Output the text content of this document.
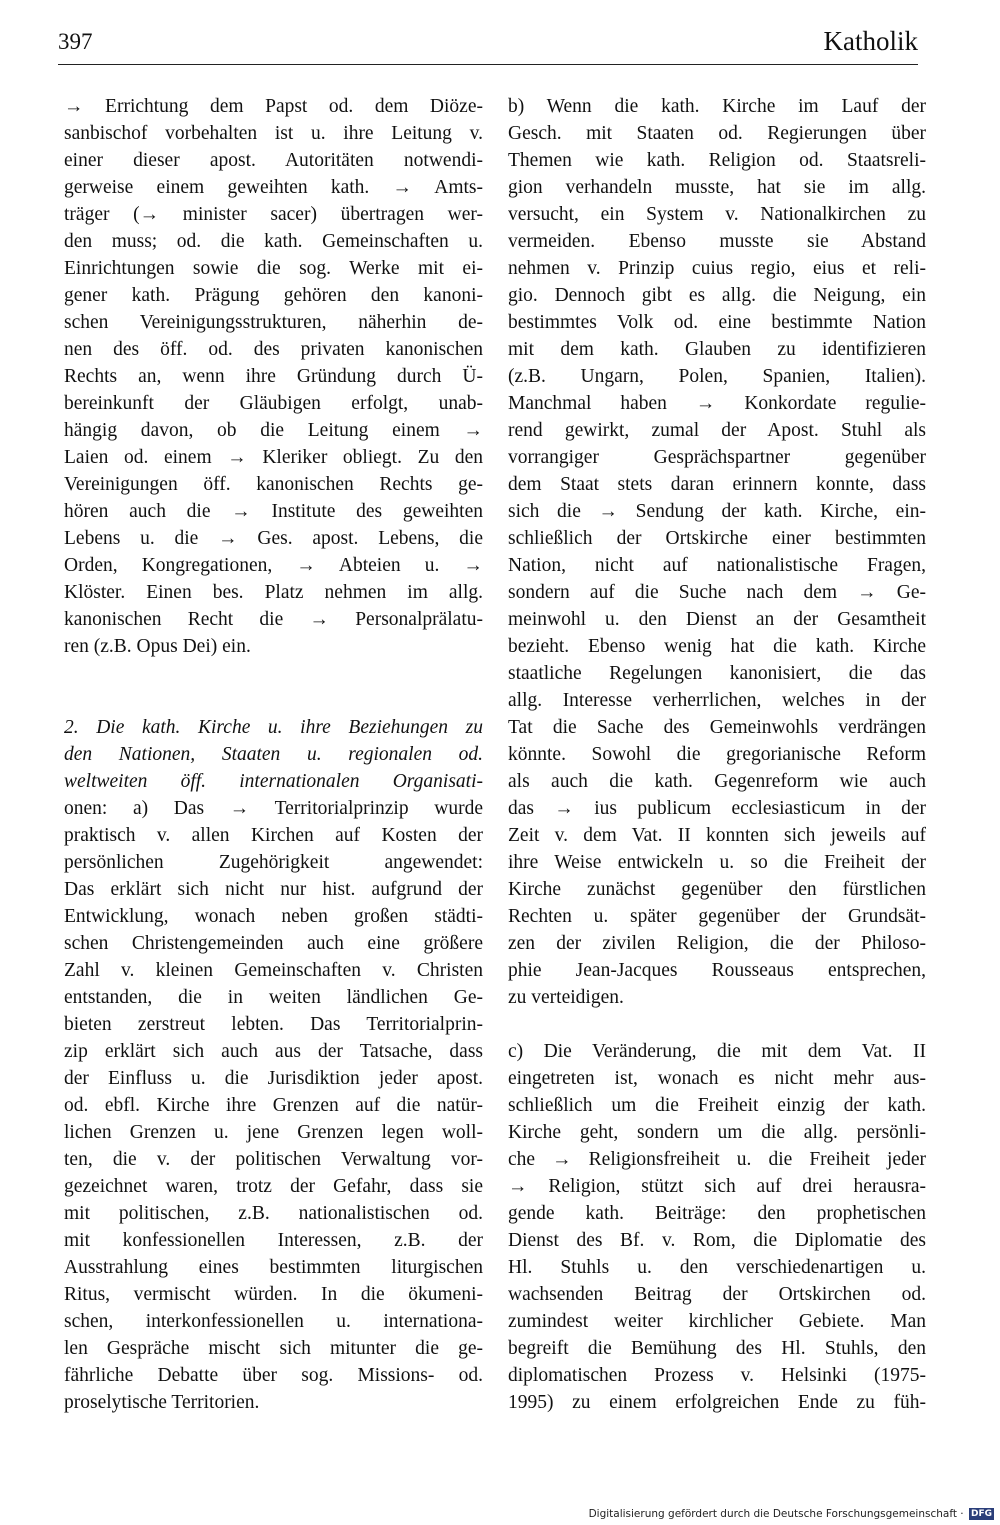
397	Katholik
→ Errichtung dem Papst od. dem Diöze-
sanbischof vorbehalten ist u. ihre Leitung v.
einer dieser apost. Autoritäten notwendi-
gerweise einem geweihten kath. → Amts-
träger (→ minister sacer) übertragen wer-
den muss; od. die kath. Gemeinschaften u.
Einrichtungen sowie die sog. Werke mit ei-
gener kath. Prägung gehören den kanoni-
schen Vereinigungsstrukturen, näherhin de-
nen des öff. od. des privaten kanonischen
Rechts an, wenn ihre Gründung durch Ü-
bereinkunft der Gläubigen erfolgt, unab-
hängig davon, ob die Leitung einem →
Laien od. einem → Kleriker obliegt. Zu den
Vereinigungen öff. kanonischen Rechts ge-
hören auch die → Institute des geweihten
Lebens u. die → Ges. apost. Lebens, die
Orden, Kongregationen, → Abteien u. →
Klöster. Einen bes. Platz nehmen im allg.
kanonischen Recht die → Personalprälatu-
ren (z.B. Opus Dei) ein.
2. Die kath. Kirche u. ihre Beziehungen zu
den Nationen, Staaten u. regionalen od.
weltweiten öff. internationalen Organisati-
onen: a) Das → Territorialprinzip wurde
praktisch v. allen Kirchen auf Kosten der
persönlichen Zugehörigkeit angewendet:
Das erklärt sich nicht nur hist. aufgrund der
Entwicklung, wonach neben großen städti-
schen Christengemeinden auch eine größere
Zahl v. kleinen Gemeinschaften v. Christen
entstanden, die in weiten ländlichen Ge-
bieten zerstreut lebten. Das Territorialprin-
zip erklärt sich auch aus der Tatsache, dass
der Einfluss u. die Jurisdiktion jeder apost.
od. ebfl. Kirche ihre Grenzen auf die natür-
lichen Grenzen u. jene Grenzen legen woll-
ten, die v. der politischen Verwaltung vor-
gezeichnet waren, trotz der Gefahr, dass sie
mit politischen, z.B. nationalistischen od.
mit konfessionellen Interessen, z.B. der
Ausstrahlung eines bestimmten liturgischen
Ritus, vermischt würden. In die ökumeni-
schen, interkonfessionellen u. internationa-
len Gespräche mischt sich mitunter die ge-
fährliche Debatte über sog. Missions- od.
proselytische Territorien.
b) Wenn die kath. Kirche im Lauf der
Gesch. mit Staaten od. Regierungen über
Themen wie kath. Religion od. Staatsreli-
gion verhandeln musste, hat sie im allg.
versucht, ein System v. Nationalkirchen zu
vermeiden. Ebenso musste sie Abstand
nehmen v. Prinzip cuius regio, eius et reli-
gio. Dennoch gibt es allg. die Neigung, ein
bestimmtes Volk od. eine bestimmte Nation
mit dem kath. Glauben zu identifizieren
(z.B. Ungarn, Polen, Spanien, Italien).
Manchmal haben → Konkordate regulie-
rend gewirkt, zumal der Apost. Stuhl als
vorrangiger Gesprächspartner gegenüber
dem Staat stets daran erinnern konnte, dass
sich die → Sendung der kath. Kirche, ein-
schließlich der Ortskirche einer bestimmten
Nation, nicht auf nationalistische Fragen,
sondern auf die Suche nach dem → Ge-
meinwohl u. den Dienst an der Gesamtheit
bezieht. Ebenso wenig hat die kath. Kirche
staatliche Regelungen kanonisiert, die das
allg. Interesse verherrlichen, welches in der
Tat die Sache des Gemeinwohls verdrängen
könnte. Sowohl die gregorianische Reform
als auch die kath. Gegenreform wie auch
das → ius publicum ecclesiasticum in der
Zeit v. dem Vat. II konnten sich jeweils auf
ihre Weise entwickeln u. so die Freiheit der
Kirche zunächst gegenüber den fürstlichen
Rechten u. später gegenüber der Grundsät-
zen der zivilen Religion, die der Philoso-
phie Jean-Jacques Rousseaus entsprechen,
zu verteidigen.
c) Die Veränderung, die mit dem Vat. II
eingetreten ist, wonach es nicht mehr aus-
schließlich um die Freiheit einzig der kath.
Kirche geht, sondern um die allg. persönli-
che → Religionsfreiheit u. die Freiheit jeder
→ Religion, stützt sich auf drei herausra-
gende kath. Beiträge: den prophetischen
Dienst des Bf. v. Rom, die Diplomatie des
Hl. Stuhls u. den verschiedenartigen u.
wachsenden Beitrag der Ortskirchen od.
zumindest weiter kirchlicher Gebiete. Man
begreift die Bemühung des Hl. Stuhls, den
diplomatischen Prozess v. Helsinki (1975-
1995) zu einem erfolgreichen Ende zu füh-
Digitalisierung gefördert durch die Deutsche Forschungsgemeinschaft · DFG
